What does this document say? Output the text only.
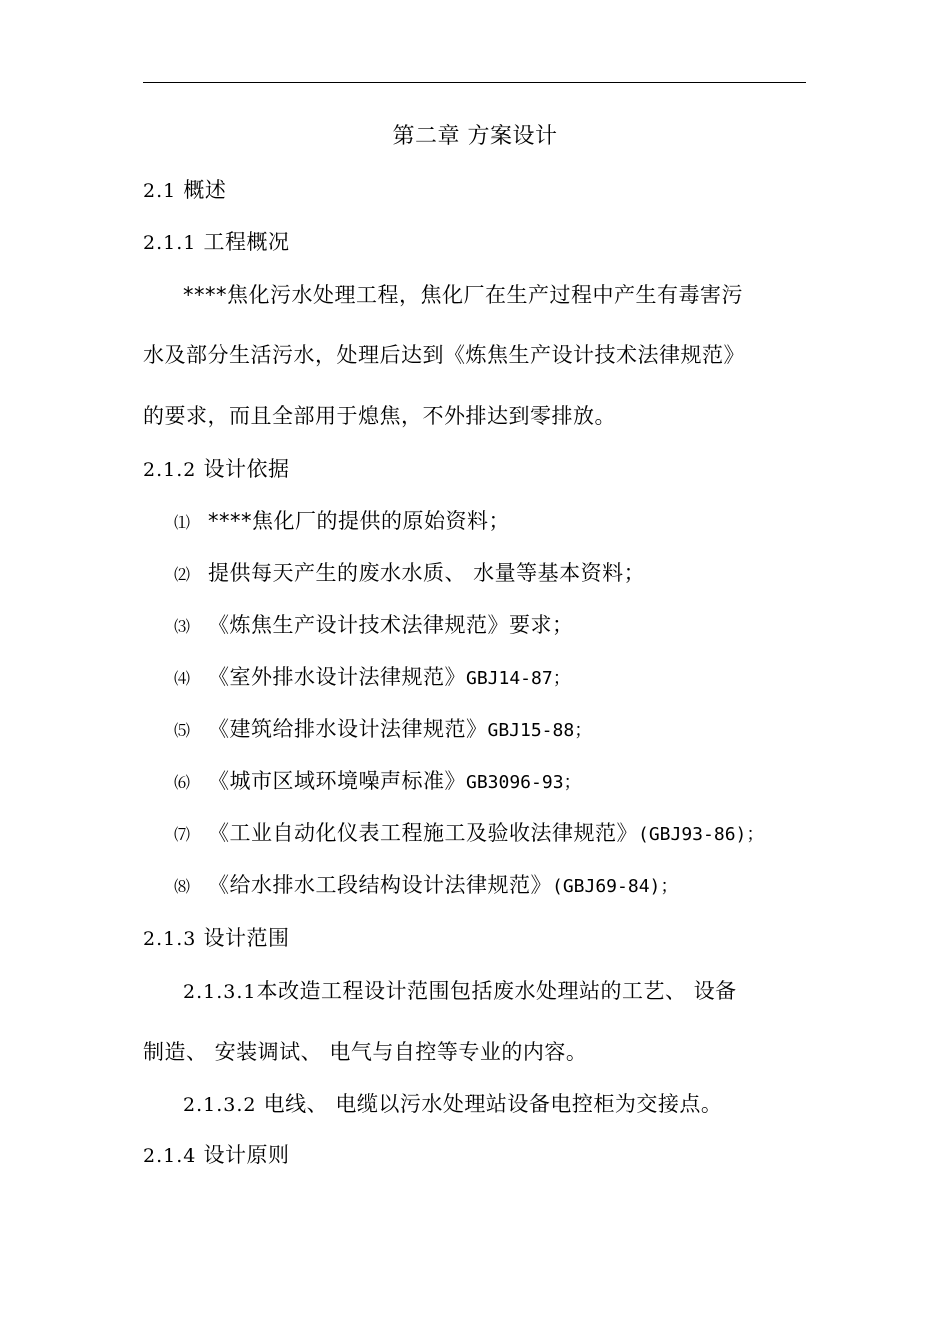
第二章 方案设计
2.1 概述
2.1.1 工程概况
****焦化污水处理工程，焦化厂在生产过程中产生有毒害污
水及部分生活污水，处理后达到《炼焦生产设计技术法律规范》
的要求，而且全部用于熄焦，不外排达到零排放。
2.1.2 设计依据
⑴ ****焦化厂的提供的原始资料；
⑵ 提供每天产生的废水水质、 水量等基本资料；
⑶ 《炼焦生产设计技术法律规范》要求；
⑷ 《室外排水设计法律规范》GBJ14-87；
⑸ 《建筑给排水设计法律规范》GBJ15-88；
⑹ 《城市区域环境噪声标准》GB3096-93；
⑺ 《工业自动化仪表工程施工及验收法律规范》(GBJ93-86)；
⑻ 《给水排水工段结构设计法律规范》(GBJ69-84)；
2.1.3 设计范围
2.1.3.1本改造工程设计范围包括废水处理站的工艺、 设备
制造、 安装调试、 电气与自控等专业的内容。
2.1.3.2 电线、 电缆以污水处理站设备电控柜为交接点。
2.1.4 设计原则
